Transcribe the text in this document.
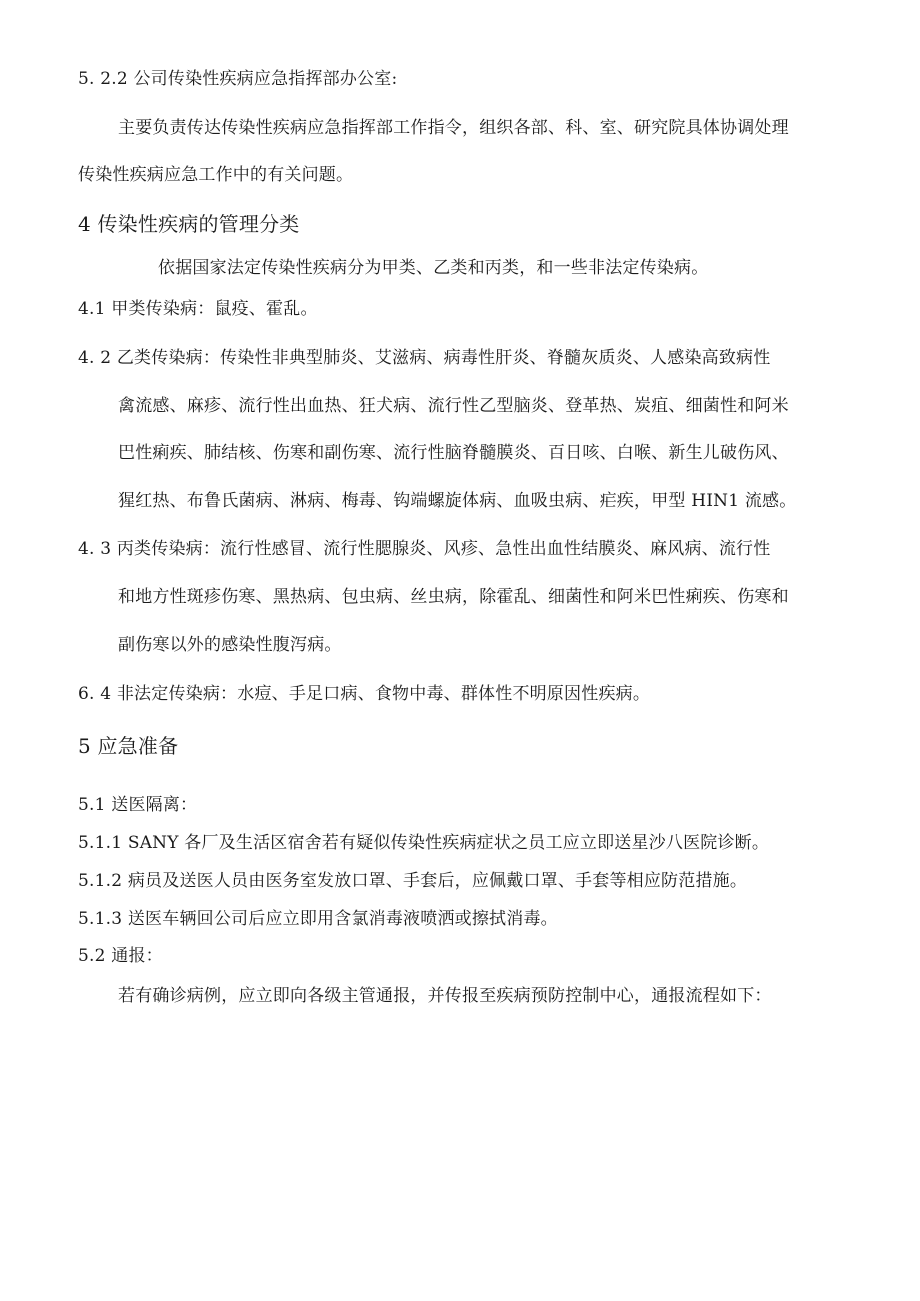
5. 2.2 公司传染性疾病应急指挥部办公室:
主要负责传达传染性疾病应急指挥部工作指令，组织各部、科、室、研究院具体协调处理
传染性疾病应急工作中的有关问题。
4 传染性疾病的管理分类
依据国家法定传染性疾病分为甲类、乙类和丙类，和一些非法定传染病。
4.1 甲类传染病：鼠疫、霍乱。
4. 2 乙类传染病：传染性非典型肺炎、艾滋病、病毒性肝炎、脊髓灰质炎、人感染高致病性
禽流感、麻疹、流行性出血热、狂犬病、流行性乙型脑炎、登革热、炭疽、细菌性和阿米
巴性痢疾、肺结核、伤寒和副伤寒、流行性脑脊髓膜炎、百日咳、白喉、新生儿破伤风、
猩红热、布鲁氏菌病、淋病、梅毒、钩端螺旋体病、血吸虫病、疟疾，甲型 HIN1 流感。
4. 3 丙类传染病：流行性感冒、流行性腮腺炎、风疹、急性出血性结膜炎、麻风病、流行性
和地方性斑疹伤寒、黑热病、包虫病、丝虫病，除霍乱、细菌性和阿米巴性痢疾、伤寒和
副伤寒以外的感染性腹泻病。
6. 4 非法定传染病：水痘、手足口病、食物中毒、群体性不明原因性疾病。
5 应急准备
5.1 送医隔离：
5.1.1 SANY 各厂及生活区宿舍若有疑似传染性疾病症状之员工应立即送星沙八医院诊断。
5.1.2 病员及送医人员由医务室发放口罩、手套后，应佩戴口罩、手套等相应防范措施。
5.1.3 送医车辆回公司后应立即用含氯消毒液喷洒或擦拭消毒。
5.2 通报：
若有确诊病例，应立即向各级主管通报，并传报至疾病预防控制中心，通报流程如下：
